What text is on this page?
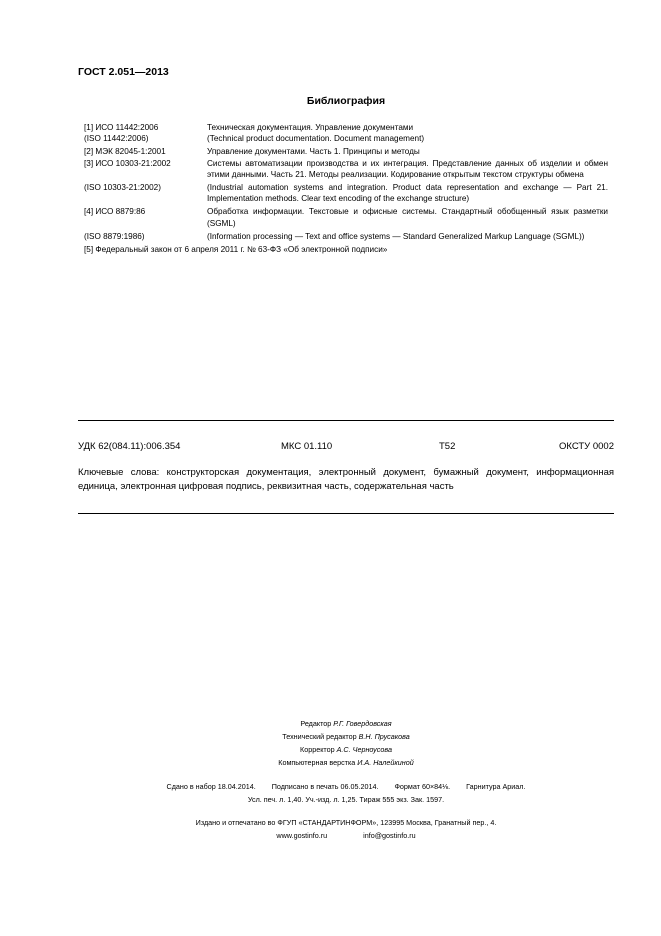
ГОСТ 2.051—2013
Библиография
[1] ИСО 11442:2006	Техническая документация. Управление документами
(ISO 11442:2006)	(Technical product documentation. Document management)
[2] МЭК 82045-1:2001	Управление документами. Часть 1. Принципы и методы
[3] ИСО 10303-21:2002	Системы автоматизации производства и их интеграция. Представление данных об изделии и обмен этими данными. Часть 21. Методы реализации. Кодирование открытым текстом структуры обмена
(ISO 10303-21:2002)	(Industrial automation systems and integration. Product data representation and exchange — Part 21. Implementation methods. Clear text encoding of the exchange structure)
[4] ИСО 8879:86	Обработка информации. Текстовые и офисные системы. Стандартный обобщенный язык разметки (SGML)
(ISO 8879:1986)	(Information processing — Text and office systems — Standard Generalized Markup Language (SGML))
[5] Федеральный закон от 6 апреля 2011 г. № 63-ФЗ «Об электронной подписи»
УДК 62(084.11):006.354	МКС 01.110	Т52	ОКСТУ 0002
Ключевые слова: конструкторская документация, электронный документ, бумажный документ, информационная единица, электронная цифровая подпись, реквизитная часть, содержательная часть
Редактор Р.Г. Говердовская
Технический редактор В.Н. Прусакова
Корректор А.С. Черноусова
Компьютерная верстка И.А. Налейкиной
Сдано в набор 18.04.2014. Подписано в печать 06.05.2014. Формат 60×84⅛. Гарнитура Ариал.
Усл. печ. л. 1,40. Уч.-изд. л. 1,25. Тираж 555 экз. Зак. 1597.
Издано и отпечатано во ФГУП «СТАНДАРТИНФОРМ», 123995 Москва, Гранатный пер., 4.
www.gostinfo.ru	info@gostinfo.ru
